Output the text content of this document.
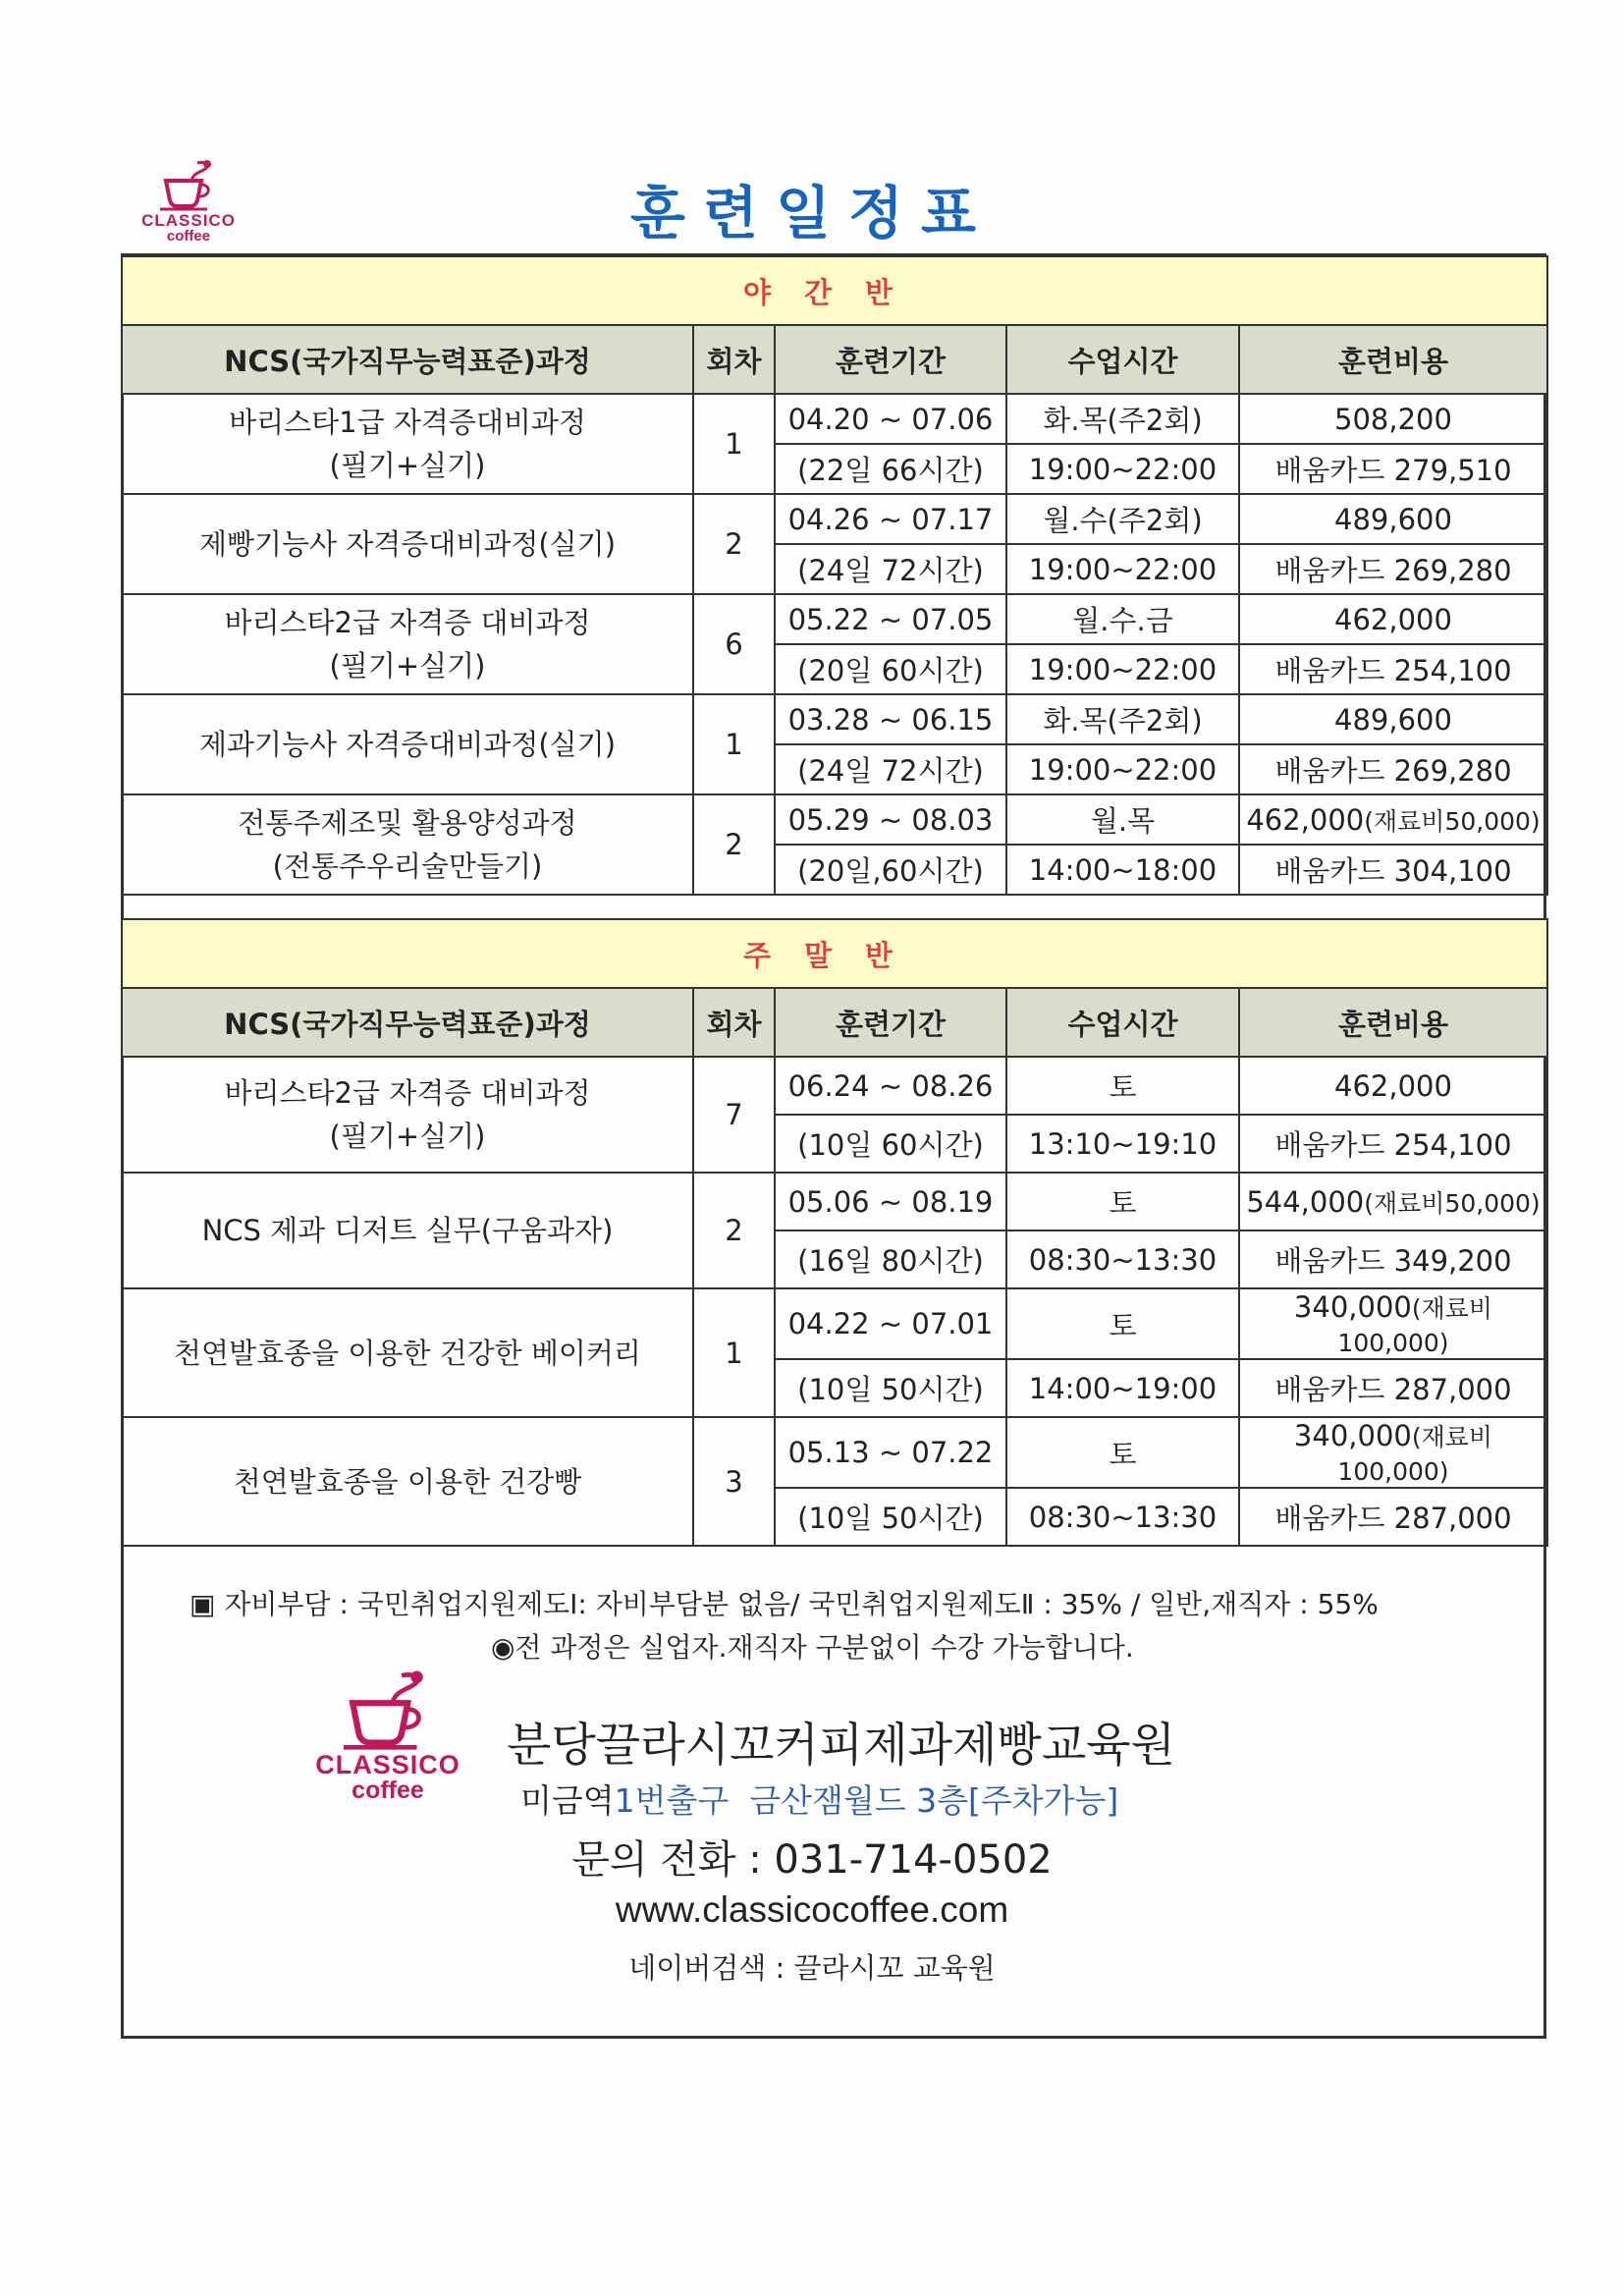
CLASSICO
coffee	훈련일정표
야간반				
NCS(국가직무능력표준)과정	회차	훈련기간	수업시간	훈련비용

바리스타1급 자격증대비과정
(필기+실기)	1	04.20 ~ 07.06	화.목(주2회)	508,200
		(22일 66시간)	19:00~22:00	배움카드 279,510

제빵기능사 자격증대비과정(실기)	2	04.26 ~ 07.17	월.수(주2회)	489,600
		(24일 72시간)	19:00~22:00	배움카드 269,280

바리스타2급 자격증 대비과정
(필기+실기)	6	05.22 ~ 07.05	월.수.금	462,000
		(20일 60시간)	19:00~22:00	배움카드 254,100

제과기능사 자격증대비과정(실기)	1	03.28 ~ 06.15	화.목(주2회)	489,600
		(24일 72시간)	19:00~22:00	배움카드 269,280

전통주제조및 활용양성과정
(전통주우리술만들기)	2	05.29 ~ 08.03	월.목	462,000(재료비50,000)
		(20일,60시간)	14:00~18:00	배움카드 304,100
주말반				
NCS(국가직무능력표준)과정	회차	훈련기간	수업시간	훈련비용

바리스타2급 자격증 대비과정
(필기+실기)	7	06.24 ~ 08.26	토	462,000
		(10일 60시간)	13:10~19:10	배움카드 254,100

NCS 제과 디저트 실무(구움과자)	2	05.06 ~ 08.19	토	544,000(재료비50,000)
		(16일 80시간)	08:30~13:30	배움카드 349,200

천연발효종을 이용한 건강한 베이커리	1	04.22 ~ 07.01	토	340,000(재료비100,000)
		(10일 50시간)	14:00~19:00	배움카드 287,000

천연발효종을 이용한 건강빵	3	05.13 ~ 07.22	토	340,000(재료비100,000)
		(10일 50시간)	08:30~13:30	배움카드 287,000
▣ 자비부담 : 국민취업지원제도Ⅰ: 자비부담분 없음/ 국민취업지원제도Ⅱ : 35% / 일반,재직자 : 55%
◉전 과정은 실업자.재직자 구분없이 수강 가능합니다.
CLASSICO
coffee
분당끌라시꼬커피제과제빵교육원
미금역1번출구 금산잼월드 3층[주차가능]
문의 전화 : 031-714-0502
www.classicocoffee.com
네이버검색 : 끌라시꼬 교육원
